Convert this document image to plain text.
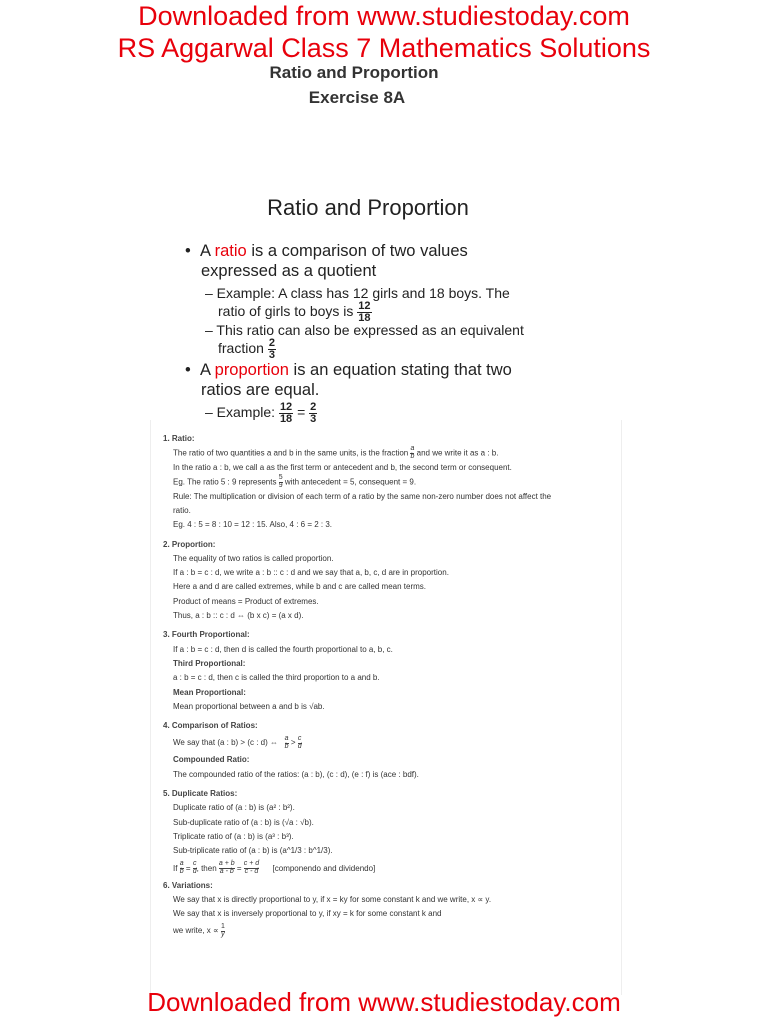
Downloaded from www.studiestoday.com
RS Aggarwal Class 7 Mathematics Solutions
Ratio and Proportion
Exercise 8A
Ratio and Proportion
•  A ratio is a comparison of two values
expressed as a quotient
– Example: A class has 12 girls and 18 boys. The
ratio of girls to boys is $\frac{12}{18}$
– This ratio can also be expressed as an equivalent
fraction $\frac{2}{3}$
•  A proportion is an equation stating that two
ratios are equal.
– Example: $\frac{12}{18} = \frac{2}{3}$
1. Ratio:
The ratio of two quantities a and b in the same units, is the fraction $\frac{a}{b}$ and we write it as a : b.
In the ratio a : b, we call a as the first term or antecedent and b, the second term or consequent.
Eg. The ratio 5 : 9 represents $\frac{5}{9}$ with antecedent = 5, consequent = 9.
Rule: The multiplication or division of each term of a ratio by the same non-zero number does not affect the
ratio.
Eg. 4 : 5 = 8 : 10 = 12 : 15. Also, 4 : 6 = 2 : 3.
2. Proportion:
The equality of two ratios is called proportion.
If a : b = c : d, we write a : b :: c : d and we say that a, b, c, d are in proportion.
Here a and d are called extremes, while b and c are called mean terms.
Product of means = Product of extremes.
Thus, a : b :: c : d ⇔ (b x c) = (a x d).
3. Fourth Proportional:
If a : b = c : d, then d is called the fourth proportional to a, b, c.
Third Proportional:
a : b = c : d, then c is called the third proportion to a and b.
Mean Proportional:
Mean proportional between a and b is √ab.
4. Comparison of Ratios:
We say that (a : b) > (c : d) ⇔ $\frac{a}{b} > \frac{c}{d}$
Compounded Ratio:
The compounded ratio of the ratios: (a : b), (c : d), (e : f) is (ace : bdf).
5. Duplicate Ratios:
Duplicate ratio of (a : b) is (a² : b²).
Sub-duplicate ratio of (a : b) is (√a : √b).
Triplicate ratio of (a : b) is (a³ : b³).
Sub-triplicate ratio of (a : b) is (a^1/3 : b^1/3).
If $\frac{a}{b} = \frac{c}{d}$ , then $\frac{a + b}{a - b} = \frac{c + d}{c - d}$ [componendo and dividendo]
6. Variations:
We say that x is directly proportional to y, if x = ky for some constant k and we write, x ∝ y.
We say that x is inversely proportional to y, if xy = k for some constant k and
we write, $x \propto \frac{1}{y}$
Downloaded from www.studiestoday.com
